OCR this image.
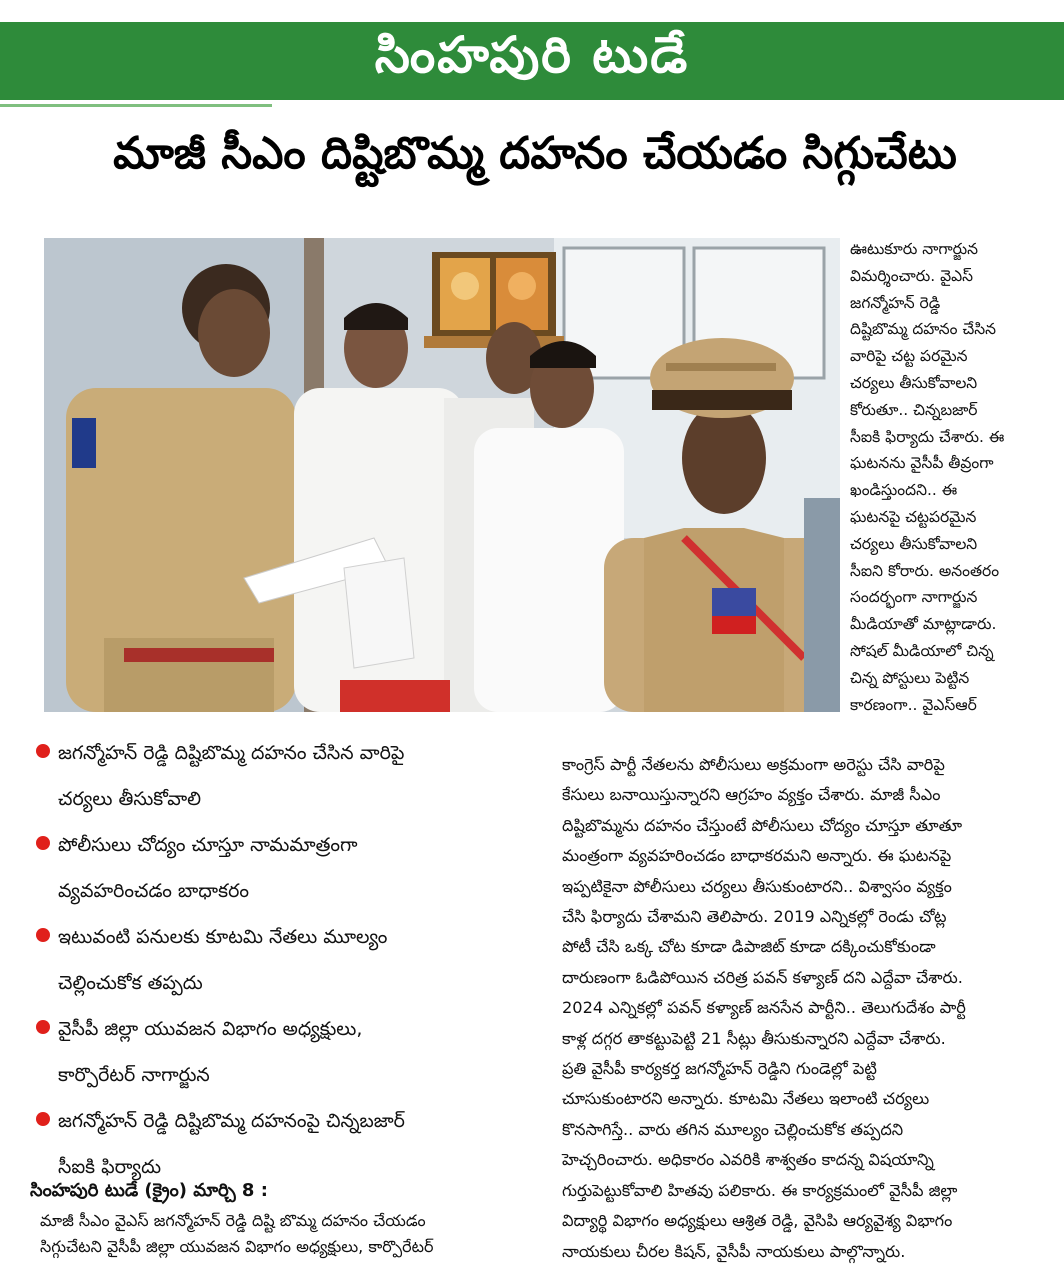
సింహపురి టుడే
మాజీ సీఎం దిష్టిబొమ్మ దహనం చేయడం సిగ్గుచేటు

ఊటుకూరు నాగార్జున

విమర్శించారు. వైఎస్

జగన్మోహన్ రెడ్డి

దిష్టిబొమ్మ దహనం చేసిన

వారిపై చట్ట పరమైన

చర్యలు తీసుకోవాలని

కోరుతూ.. చిన్నబజార్

సీఐకి ఫిర్యాదు చేశారు. ఈ

ఘటనను వైసీపీ తీవ్రంగా

ఖండిస్తుందని.. ఈ

ఘటనపై చట్టపరమైన

చర్యలు తీసుకోవాలని

సీఐని కోరారు. అనంతరం

సందర్భంగా నాగార్జున

మీడియాతో మాట్లాడారు.

సోషల్ మీడియాలో చిన్న

చిన్న పోస్టులు పెట్టిన

కారణంగా.. వైఎస్ఆర్

జగన్మోహన్ రెడ్డి దిష్టిబొమ్మ దహనం చేసిన వారిపై
చర్యలు తీసుకోవాలి
పోలీసులు చోద్యం చూస్తూ నామమాత్రంగా
వ్యవహరించడం బాధాకరం
ఇటువంటి పనులకు కూటమి నేతలు మూల్యం
చెల్లించుకోక తప్పదు
వైసీపీ జిల్లా యువజన విభాగం అధ్యక్షులు,
కార్పొరేటర్ నాగార్జున
జగన్మోహన్ రెడ్డి దిష్టిబొమ్మ దహనంపై చిన్నబజార్
సీఐకి ఫిర్యాదు
సింహపురి టుడే (క్రైం) మార్చి 8 :

మాజీ సీఎం వైఎస్ జగన్మోహన్ రెడ్డి దిష్టి బొమ్మ దహనం చేయడం

సిగ్గుచేటని వైసీపీ జిల్లా యువజన విభాగం అధ్యక్షులు, కార్పొరేటర్

కాంగ్రెస్ పార్టీ నేతలను పోలీసులు అక్రమంగా అరెస్టు చేసి వారిపై

కేసులు బనాయిస్తున్నారని ఆగ్రహం వ్యక్తం చేశారు. మాజీ సీఎం

దిష్టిబొమ్మను దహనం చేస్తుంటే పోలీసులు చోద్యం చూస్తూ తూతూ

మంత్రంగా వ్యవహరించడం బాధాకరమని అన్నారు. ఈ ఘటనపై

ఇప్పటికైనా పోలీసులు చర్యలు తీసుకుంటారని.. విశ్వాసం వ్యక్తం

చేసి ఫిర్యాదు చేశామని తెలిపారు. 2019 ఎన్నికల్లో రెండు చోట్ల

పోటీ చేసి ఒక్క చోట కూడా డిపాజిట్ కూడా దక్కించుకోకుండా

దారుణంగా ఓడిపోయిన చరిత్ర పవన్ కళ్యాణ్ దని ఎద్దేవా చేశారు.

2024 ఎన్నికల్లో పవన్ కళ్యాణ్ జనసేన పార్టీని.. తెలుగుదేశం పార్టీ

కాళ్ల దగ్గర తాకట్టుపెట్టి 21 సీట్లు తీసుకున్నారని ఎద్దేవా చేశారు.

ప్రతి వైసీపీ కార్యకర్త జగన్మోహన్ రెడ్డిని గుండెల్లో పెట్టి

చూసుకుంటారని అన్నారు. కూటమి నేతలు ఇలాంటి చర్యలు

కొనసాగిస్తే.. వారు తగిన మూల్యం చెల్లించుకోక తప్పదని

హెచ్చరించారు. అధికారం ఎవరికి శాశ్వతం కాదన్న విషయాన్ని

గుర్తుపెట్టుకోవాలి హితవు పలికారు. ఈ కార్యక్రమంలో వైసీపీ జిల్లా

విద్యార్థి విభాగం అధ్యక్షులు ఆశ్రిత రెడ్డి, వైసిపి ఆర్యవైశ్య విభాగం

నాయకులు చీరల కిషన్, వైసీపీ నాయకులు పాల్గొన్నారు.
